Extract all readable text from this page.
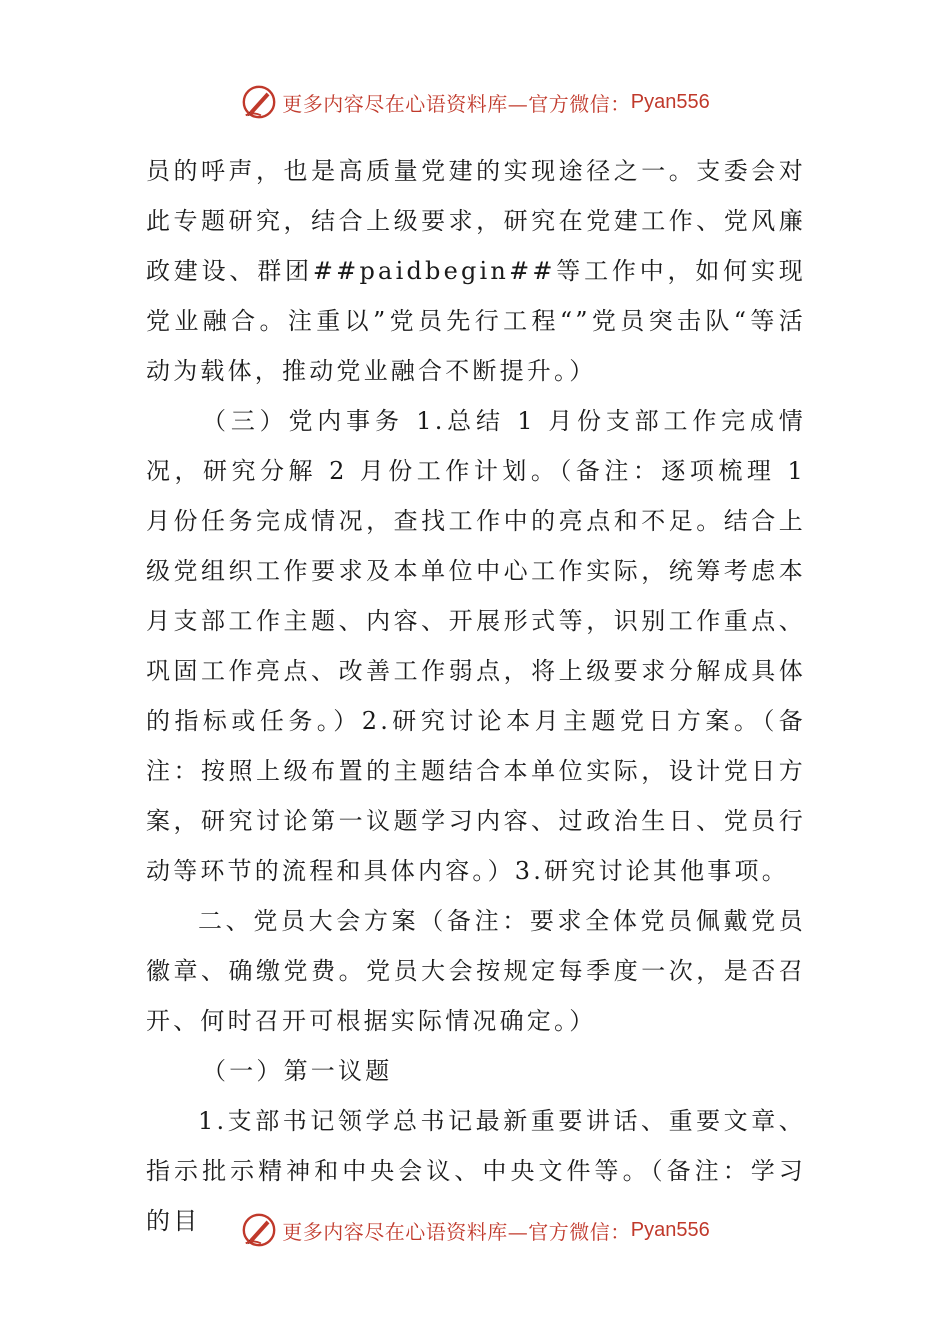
更多内容尽在心语资料库—官方微信： Pyan556

员的呼声，也是高质量党建的实现途径之一。支委会对此专题研究，结合上级要求，研究在党建工作、党风廉政建设、群团##paidbegin##等工作中，如何实现党业融合。注重以”党员先行工程“”党员突击队“等活动为载体，推动党业融合不断提升。）

（三）党内事务 1.总结 1 月份支部工作完成情况，研究分解 2 月份工作计划。（备注：逐项梳理 1 月份任务完成情况，查找工作中的亮点和不足。结合上级党组织工作要求及本单位中心工作实际，统筹考虑本月支部工作主题、内容、开展形式等，识别工作重点、巩固工作亮点、改善工作弱点，将上级要求分解成具体的指标或任务。）2.研究讨论本月主题党日方案。（备注：按照上级布置的主题结合本单位实际，设计党日方案，研究讨论第一议题学习内容、过政治生日、党员行动等环节的流程和具体内容。）3.研究讨论其他事项。

二、党员大会方案（备注：要求全体党员佩戴党员徽章、确缴党费。党员大会按规定每季度一次，是否召开、何时召开可根据实际情况确定。）

（一）第一议题

1.支部书记领学总书记最新重要讲话、重要文章、指示批示精神和中央会议、中央文件等。（备注：学习的目	更多内容尽在心语资料库—官方微信： Pyan556
